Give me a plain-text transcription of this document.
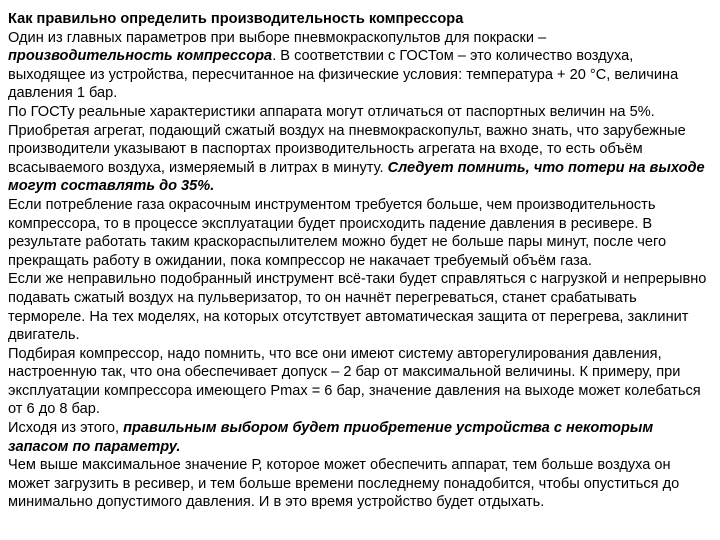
Как правильно определить производительность компрессора
Один из главных параметров при выборе пневмокраскопультов для покраски – производительность компрессора. В соответствии с ГОСТом – это количество воздуха, выходящее из устройства, пересчитанное на физические условия: температура + 20 °С, величина давления 1 бар.
По ГОСТу реальные характеристики аппарата могут отличаться от паспортных величин на 5%.
Приобретая агрегат, подающий сжатый воздух на пневмокраскопульт, важно знать, что зарубежные производители указывают в паспортах производительность агрегата на входе, то есть объём всасываемого воздуха, измеряемый в литрах в минуту. Следует помнить, что потери на выходе могут составлять до 35%.
Если потребление газа окрасочным инструментом требуется больше, чем производительность компрессора, то в процессе эксплуатации будет происходить падение давления в ресивере. В результате работать таким краскораспылителем можно будет не больше пары минут, после чего прекращать работу в ожидании, пока компрессор не накачает требуемый объём газа.
Если же неправильно подобранный инструмент всё-таки будет справляться с нагрузкой и непрерывно подавать сжатый воздух на пульверизатор, то он начнёт перегреваться, станет срабатывать термореле. На тех моделях, на которых отсутствует автоматическая защита от перегрева, заклинит двигатель.
Подбирая компрессор, надо помнить, что все они имеют систему авторегулирования давления, настроенную так, что она обеспечивает допуск – 2 бар от максимальной величины. К примеру, при эксплуатации компрессора имеющего Pmax = 6 бар, значение давления на выходе может колебаться от 6 до 8 бар.
Исходя из этого, правильным выбором будет приобретение устройства с некоторым запасом по параметру.
Чем выше максимальное значение Р, которое может обеспечить аппарат, тем больше воздуха он может загрузить в ресивер, и тем больше времени последнему понадобится, чтобы опуститься до минимально допустимого давления. И в это время устройство будет отдыхать.
